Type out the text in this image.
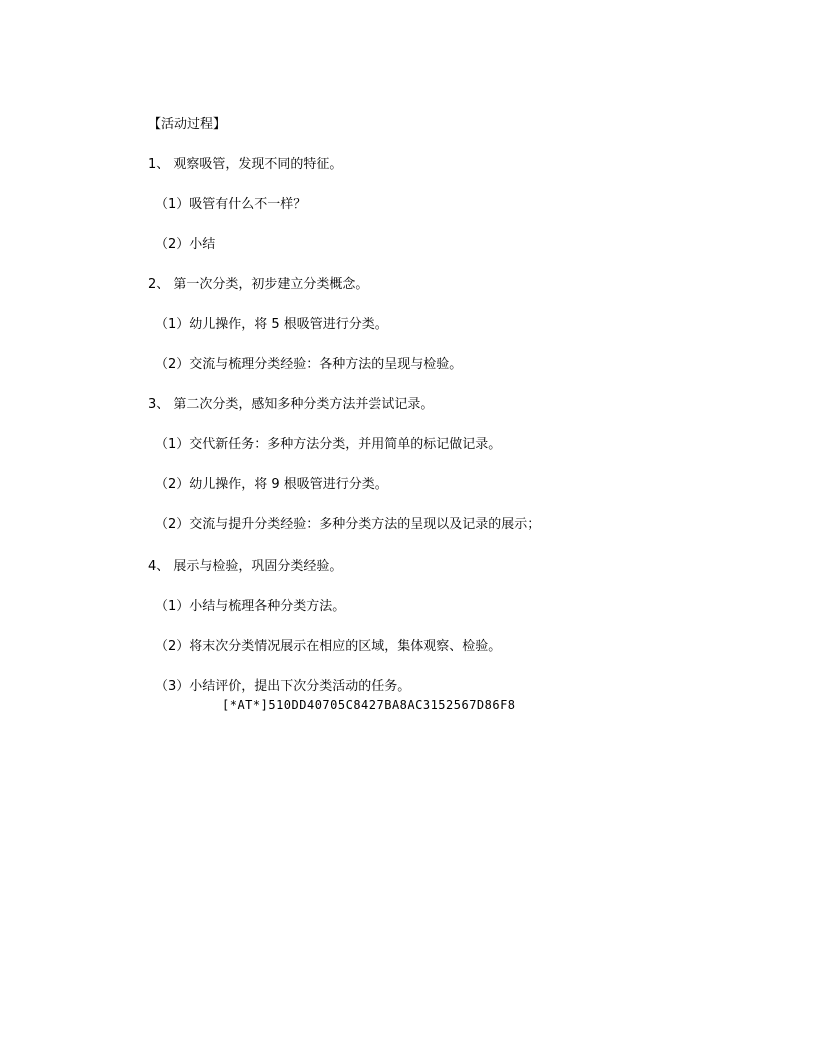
【活动过程】
1、 观察吸管，发现不同的特征。
（1）吸管有什么不一样？
（2）小结
2、 第一次分类，初步建立分类概念。
（1）幼儿操作，将 5 根吸管进行分类。
（2）交流与梳理分类经验：各种方法的呈现与检验。
3、 第二次分类，感知多种分类方法并尝试记录。
（1）交代新任务：多种方法分类，并用简单的标记做记录。
（2）幼儿操作，将 9 根吸管进行分类。
（2）交流与提升分类经验：多种分类方法的呈现以及记录的展示；
4、 展示与检验，巩固分类经验。
（1）小结与梳理各种分类方法。
（2）将末次分类情况展示在相应的区域，集体观察、检验。
（3）小结评价，提出下次分类活动的任务。
[*AT*]510DD40705C8427BA8AC3152567D86F8
